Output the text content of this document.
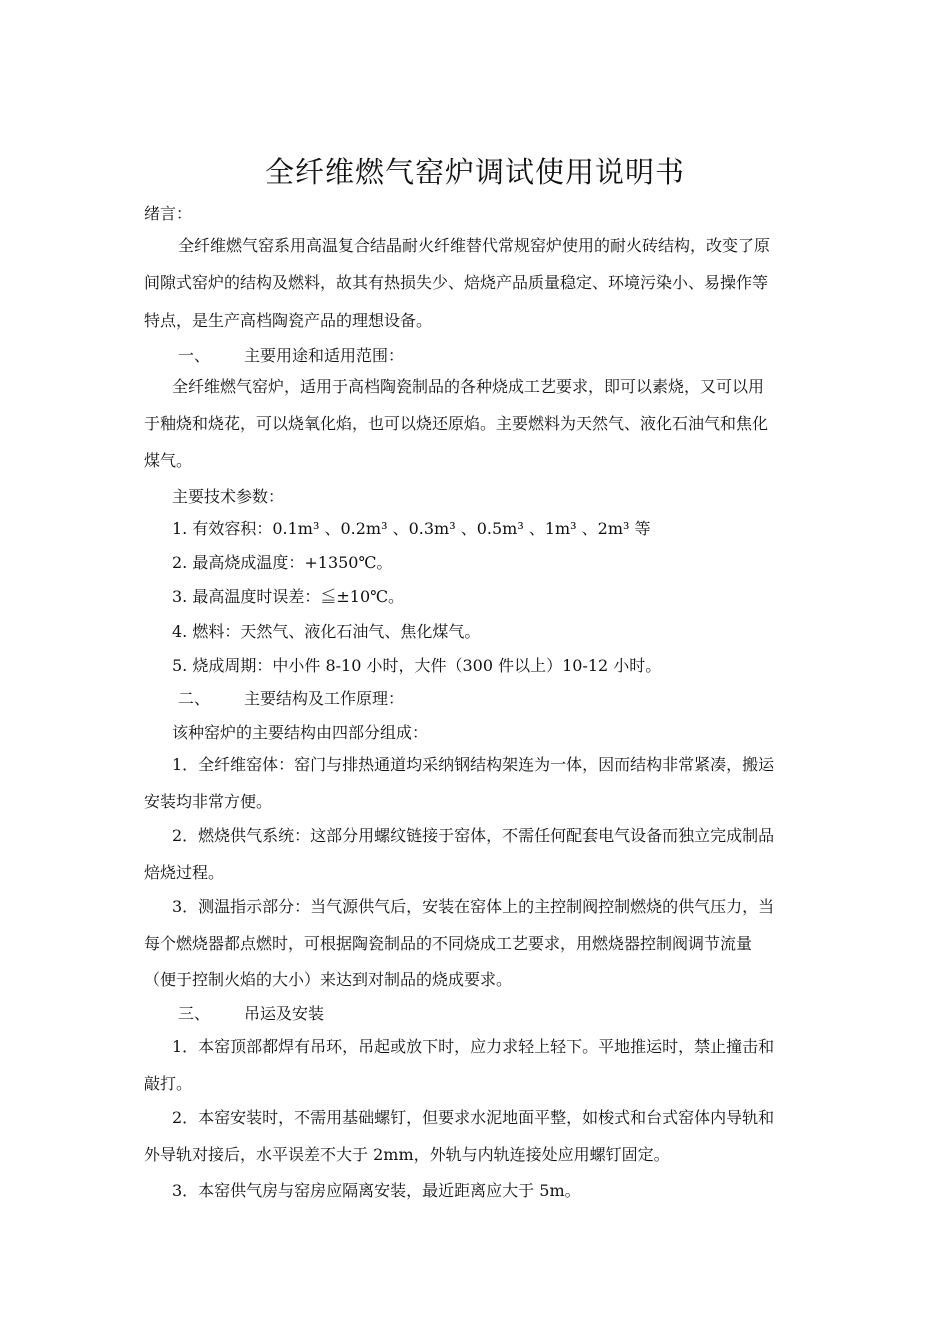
全纤维燃气窑炉调试使用说明书
绪言：
全纤维燃气窑系用高温复合结晶耐火纤维替代常规窑炉使用的耐火砖结构，改变了原
间隙式窑炉的结构及燃料，故其有热损失少、焙烧产品质量稳定、环境污染小、易操作等
特点，是生产高档陶瓷产品的理想设备。
一、 主要用途和适用范围：
全纤维燃气窑炉，适用于高档陶瓷制品的各种烧成工艺要求，即可以素烧，又可以用
于釉烧和烧花，可以烧氧化焰，也可以烧还原焰。主要燃料为天然气、液化石油气和焦化
煤气。
主要技术参数：
1. 有效容积：0.1m³ 、0.2m³ 、0.3m³ 、0.5m³ 、1m³ 、2m³ 等
2. 最高烧成温度：+1350℃。
3. 最高温度时误差：≦±10℃。
4. 燃料：天然气、液化石油气、焦化煤气。
5. 烧成周期：中小件 8-10 小时，大件（300 件以上）10-12 小时。
二、 主要结构及工作原理：
该种窑炉的主要结构由四部分组成：
1．全纤维窑体：窑门与排热通道均采纳钢结构架连为一体，因而结构非常紧凑，搬运
安装均非常方便。
2．燃烧供气系统：这部分用螺纹链接于窑体，不需任何配套电气设备而独立完成制品
焙烧过程。
3．测温指示部分：当气源供气后，安装在窑体上的主控制阀控制燃烧的供气压力，当
每个燃烧器都点燃时，可根据陶瓷制品的不同烧成工艺要求，用燃烧器控制阀调节流量
（便于控制火焰的大小）来达到对制品的烧成要求。
三、 吊运及安装
1．本窑顶部都焊有吊环，吊起或放下时，应力求轻上轻下。平地推运时，禁止撞击和
敲打。
2．本窑安装时，不需用基础螺钉，但要求水泥地面平整，如梭式和台式窑体内导轨和
外导轨对接后，水平误差不大于 2mm，外轨与内轨连接处应用螺钉固定。
3．本窑供气房与窑房应隔离安装，最近距离应大于 5m。
